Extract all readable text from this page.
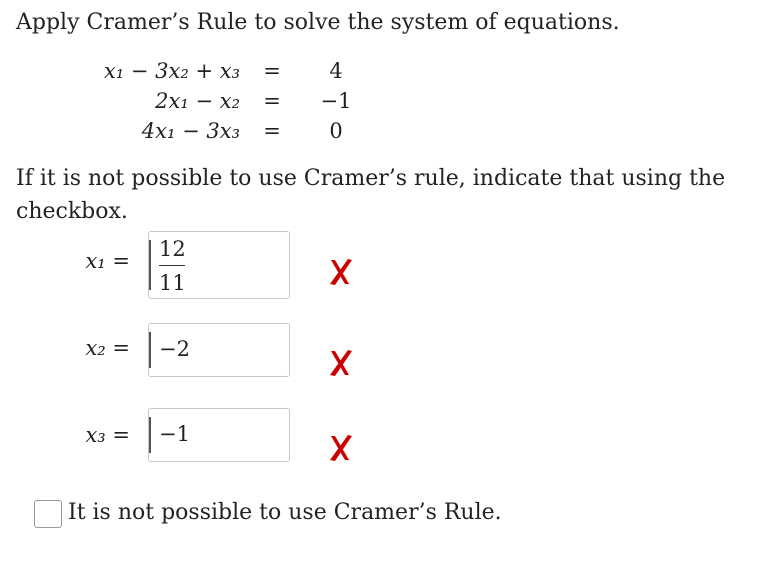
Apply Cramer’s Rule to solve the system of equations.
x₁ − 3x₂ + x₃	=	4
2x₁ − x₂	=	−1
4x₁ − 3x₃	=	0
If it is not possible to use Cramer’s rule, indicate that using the checkbox.
x₁ = 12
11
x₂ = −2
x₃ = −1
It is not possible to use Cramer’s Rule.
